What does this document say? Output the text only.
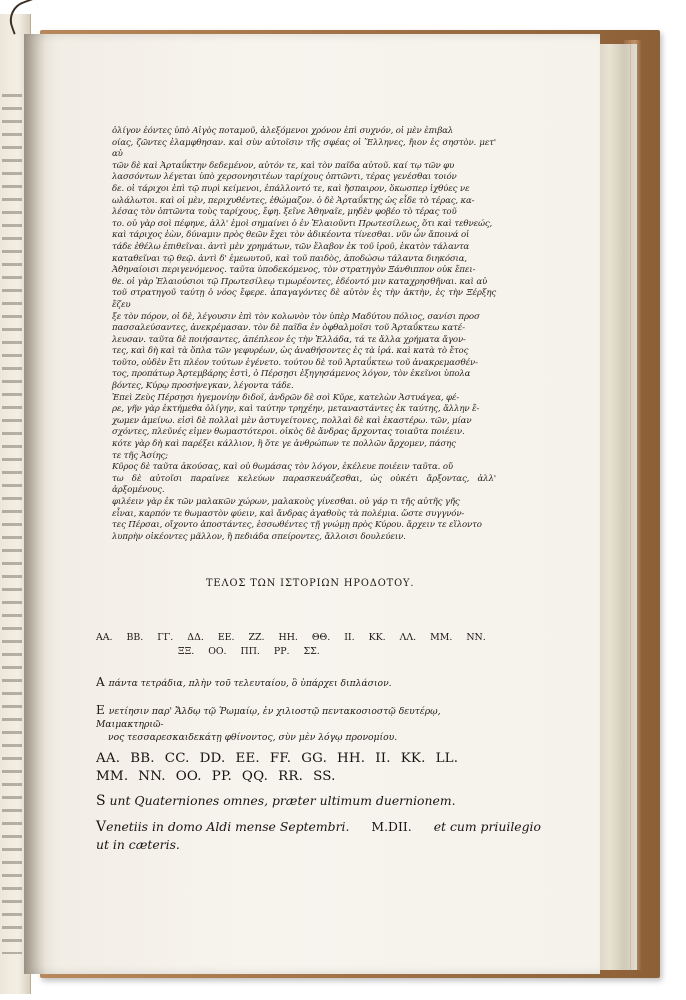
ὀλίγον ἐόντες ὑπὸ Αἰγὸς ποταμοῦ, ἀλεξόμενοι χρόνον ἐπὶ συχνόν, οἱ μὲν ἐπιβαλ

οίας, ζῶντες ἐλαμφθησαν. καὶ σὺν αὐτοῖσιν τῆς σφέας οἱ Ἕλληνες, ἤιον ἐς σηστὸν. μετ' αὐ

τῶν δὲ καὶ Ἀρταΰκτην δεδεμένον, αὐτόν τε, καὶ τὸν παῖδα αὐτοῦ. καί τῳ τῶν φυ

λασσόντων λέγεται ὑπὸ χερσονησιτέων ταρίχους ὀπτῶντι, τέρας γενέσθαι τοιόν

δε. οἱ τάριχοι ἐπὶ τῷ πυρὶ κείμενοι, ἐπάλλοντό τε, καὶ ἤσπαιρον, ὅκωσπερ ἰχθύες νε

ωλάλωτοι. καὶ οἱ μὲν, περιχυθέντες, ἐθώμαζον. ὁ δὲ Ἀρταΰκτης ὡς εἶδε τὸ τέρας, κα-

λέσας τὸν ὀπτῶντα τοὺς ταρίχους, ἔφη. ξεῖνε Ἀθηναῖε, μηδὲν φοβέο τὸ τέρας τοῦ

το. οὐ γὰρ σοὶ πέφηνε, ἀλλ' ἐμοὶ σημαίνει ὁ ἐν Ἐλαιοῦντι Πρωτεσίλεως, ὅτι καὶ τεθνεώς,

καὶ τάριχος ἐὼν, δύναμιν πρὸς θεῶν ἔχει τὸν ἀδικέοντα τίνεσθαι. νῦν ὦν ἄποινά οἱ

τάδε ἐθέλω ἐπιθεῖναι. ἀντὶ μὲν χρημάτων, τῶν ἔλαβον ἐκ τοῦ ἱροῦ, ἑκατὸν τάλαντα

καταθεῖναι τῷ θεῷ. ἀντὶ δ' ἐμεωυτοῦ, καὶ τοῦ παιδὸς, ἀποδώσω τάλαντα διηκόσια,

Ἀθηναίοισι περιγενόμενος. ταῦτα ὑποδεκόμενος, τὸν στρατηγὸν Ξάνθιππον οὐκ ἔπει-

θε. οἱ γὰρ Ἐλαιούσιοι τῷ Πρωτεσίλεῳ τιμωρέοντες, ἐδέοντό μιν καταχρησθῆναι. καὶ αὐ

τοῦ στρατηγοῦ ταύτῃ ὁ νόος ἔφερε. ἀπαγαγόντες δὲ αὐτὸν ἐς τὴν ἀκτὴν, ἐς τὴν Ξέρξης ἔζευ

ξε τὸν πόρον, οἱ δὲ, λέγουσιν ἐπὶ τὸν κολωνὸν τὸν ὑπὲρ Μαδύτου πόλιος, σανίσι προσ

πασσαλεύσαντες, ἀνεκρέμασαν. τὸν δὲ παῖδα ἐν ὀφθαλμοῖσι τοῦ Ἀρταΰκτεω κατέ-

λευσαν. ταῦτα δὲ ποιήσαντες, ἀπέπλεον ἐς τὴν Ἑλλάδα, τά τε ἄλλα χρήματα ἄγον-

τες, καὶ δὴ καὶ τὰ ὅπλα τῶν γεφυρέων, ὡς ἀναθήσοντες ἐς τὰ ἱρά. καὶ κατὰ τὸ ἔτος

τοῦτο, οὐδὲν ἔτι πλέον τούτων ἐγένετο. τούτου δὲ τοῦ Ἀρταΰκτεω τοῦ ἀνακρεμασθέν-

τος, προπάτωρ Ἀρτεμβάρης ἐστὶ, ὁ Πέρσῃσι ἐξηγησάμενος λόγον, τὸν ἐκεῖνοι ὑπολα

βόντες, Κύρῳ προσήνεγκαν, λέγοντα τάδε.

Ἐπεὶ Ζεὺς Πέρσῃσι ἡγεμονίην διδοῖ, ἀνδρῶν δὲ σοὶ Κῦρε, κατελὼν Ἀστυάγεα, φέ-

ρε, γῆν γὰρ ἐκτήμεθα ὀλίγην, καὶ ταύτην τρηχέην, μεταναστάντες ἐκ ταύτης, ἄλλην ἔ-

χωμεν ἀμείνω. εἰσὶ δὲ πολλαὶ μὲν ἀστυγείτονες, πολλαὶ δὲ καὶ ἑκαστέρω. τῶν, μίαν

σχόντες, πλεῦνές εἰμεν θωμαστότεροι. οἰκὸς δὲ ἄνδρας ἄρχοντας τοιαῦτα ποιέειν.

κότε γὰρ δὴ καὶ παρέξει κάλλιον, ἢ ὅτε γε ἀνθρώπων τε πολλῶν ἄρχομεν, πάσης

τε τῆς Ἀσίης;

Κῦρος δὲ ταῦτα ἀκούσας, καὶ οὐ θωμάσας τὸν λόγον, ἐκέλευε ποιέειν ταῦτα. οὕ

τω δὲ αὐτοῖσι παραίνεε κελεύων παρασκευάζεσθαι, ὡς οὐκέτι ἄρξοντας, ἀλλ' ἀρξομένους.

φιλέειν γὰρ ἐκ τῶν μαλακῶν χώρων, μαλακοὺς γίνεσθαι. οὐ γάρ τι τῆς αὐτῆς γῆς

εἶναι, καρπόν τε θωμαστὸν φύειν, καὶ ἄνδρας ἀγαθοὺς τὰ πολέμια. ὥστε συγγνόν-

τες Πέρσαι, οἴχοντο ἀποστάντες, ἑσσωθέντες τῇ γνώμῃ πρὸς Κύρου. ἄρχειν τε εἵλοντο

λυπρὴν οἰκέοντες μᾶλλον, ἢ πεδιάδα σπείροντες, ἄλλοισι δουλεύειν.

ΤΕΛΟΣ ΤΩΝ ΙΣΤΟΡΙΩΝ ΗΡΟΔΟΤΟΥ.
ΑΑ. ΒΒ. ΓΓ. ΔΔ. ΕΕ. ΖΖ. ΗΗ. ΘΘ. ΙΙ. ΚΚ. ΛΛ. ΜΜ. ΝΝ.
ΞΞ. ΟΟ. ΠΠ. ΡΡ. ΣΣ.
Α πάντα τετράδια, πλὴν τοῦ τελευταίου, ὃ ὑπάρχει διπλάσιον.
Ε νετίησιν παρ' Ἄλδῳ τῷ Ῥωμαίῳ, ἐν χιλιοστῷ πεντακοσιοστῷ δευτέρῳ, Μαιμακτηριῶ-
νος τεσσαρεσκαιδεκάτῃ φθίνοντος, σὺν μὲν λόγῳ προνομίου.
AA. BB. CC. DD. EE. FF. GG. HH. II. KK. LL.
MM. NN. OO. PP. QQ. RR. SS.
S unt Quaterniones omnes, præter ultimum duernionem.
Venetiis in domo Aldi mense Septembri. M.DII. et cum priuilegio
ut in cæteris.
